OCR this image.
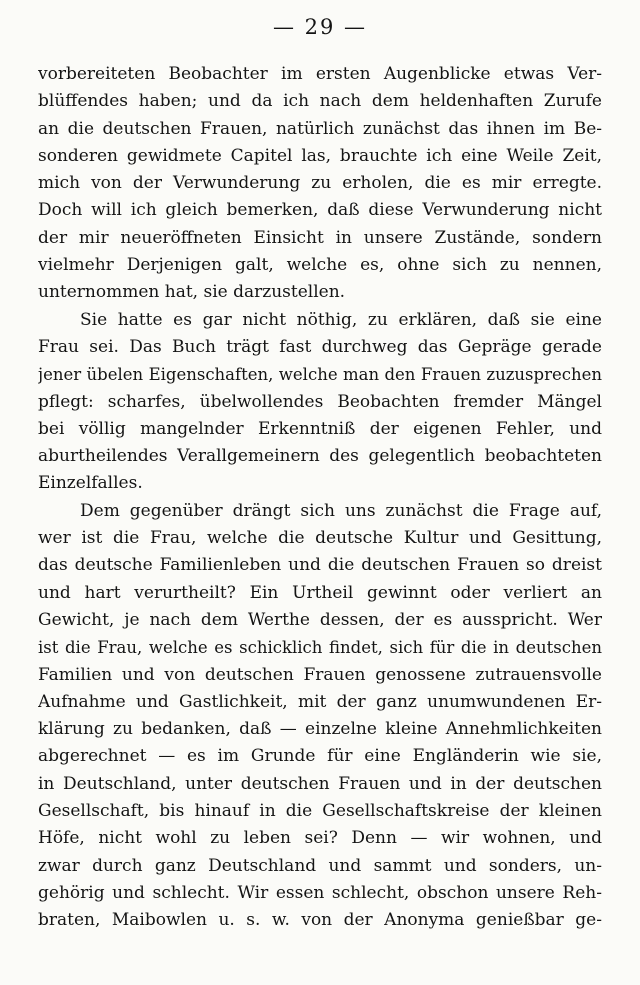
— 29 —
vorbereiteten Beobachter im ersten Augenblicke etwas Ver-
blüffendes haben; und da ich nach dem heldenhaften Zurufe
an die deutschen Frauen, natürlich zunächst das ihnen im Be-
sonderen gewidmete Capitel las, brauchte ich eine Weile Zeit,
mich von der Verwunderung zu erholen, die es mir erregte.
Doch will ich gleich bemerken, daß diese Verwunderung nicht
der mir neueröffneten Einsicht in unsere Zustände, sondern
vielmehr Derjenigen galt, welche es, ohne sich zu nennen,
unternommen hat, sie darzustellen.
Sie hatte es gar nicht nöthig, zu erklären, daß sie eine
Frau sei. Das Buch trägt fast durchweg das Gepräge gerade
jener übelen Eigenschaften, welche man den Frauen zuzusprechen
pflegt: scharfes, übelwollendes Beobachten fremder Mängel
bei völlig mangelnder Erkenntniß der eigenen Fehler, und
aburtheilendes Verallgemeinern des gelegentlich beobachteten
Einzelfalles.
Dem gegenüber drängt sich uns zunächst die Frage auf,
wer ist die Frau, welche die deutsche Kultur und Gesittung,
das deutsche Familienleben und die deutschen Frauen so dreist
und hart verurtheilt? Ein Urtheil gewinnt oder verliert an
Gewicht, je nach dem Werthe dessen, der es ausspricht. Wer
ist die Frau, welche es schicklich findet, sich für die in deutschen
Familien und von deutschen Frauen genossene zutrauensvolle
Aufnahme und Gastlichkeit, mit der ganz unumwundenen Er-
klärung zu bedanken, daß — einzelne kleine Annehmlichkeiten
abgerechnet — es im Grunde für eine Engländerin wie sie,
in Deutschland, unter deutschen Frauen und in der deutschen
Gesellschaft, bis hinauf in die Gesellschaftskreise der kleinen
Höfe, nicht wohl zu leben sei? Denn — wir wohnen, und
zwar durch ganz Deutschland und sammt und sonders, un-
gehörig und schlecht. Wir essen schlecht, obschon unsere Reh-
braten, Maibowlen u. s. w. von der Anonyma genießbar ge-
